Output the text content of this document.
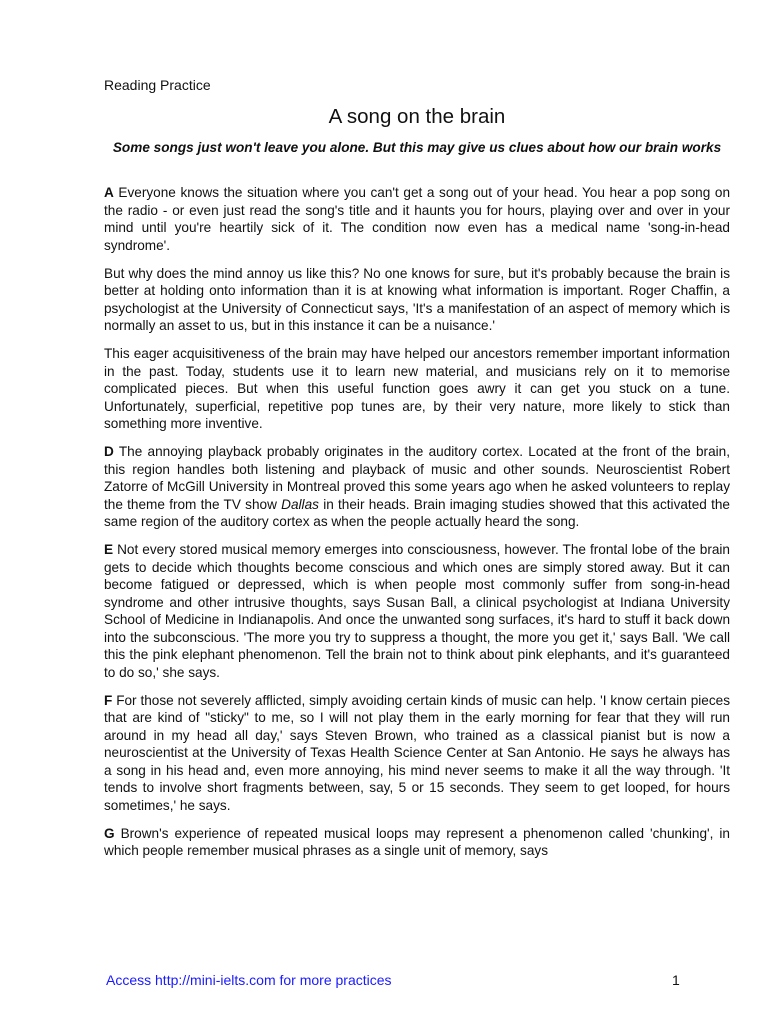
Reading Practice
A song on the brain

Some songs just won't leave you alone. But this may give us clues about how our brain works

A Everyone knows the situation where you can't get a song out of your head. You hear a pop song on the radio - or even just read the song's title and it haunts you for hours, playing over and over in your mind until you're heartily sick of it. The condition now even has a medical name 'song-in-head syndrome'.

But why does the mind annoy us like this? No one knows for sure, but it's probably because the brain is better at holding onto information than it is at knowing what information is important. Roger Chaffin, a psychologist at the University of Connecticut says, 'It's a manifestation of an aspect of memory which is normally an asset to us, but in this instance it can be a nuisance.'

This eager acquisitiveness of the brain may have helped our ancestors remember important information in the past. Today, students use it to learn new material, and musicians rely on it to memorise complicated pieces. But when this useful function goes awry it can get you stuck on a tune. Unfortunately, superficial, repetitive pop tunes are, by their very nature, more likely to stick than something more inventive.

D The annoying playback probably originates in the auditory cortex. Located at the front of the brain, this region handles both listening and playback of music and other sounds. Neuroscientist Robert Zatorre of McGill University in Montreal proved this some years ago when he asked volunteers to replay the theme from the TV show Dallas in their heads. Brain imaging studies showed that this activated the same region of the auditory cortex as when the people actually heard the song.

E Not every stored musical memory emerges into consciousness, however. The frontal lobe of the brain gets to decide which thoughts become conscious and which ones are simply stored away. But it can become fatigued or depressed, which is when people most commonly suffer from song-in-head syndrome and other intrusive thoughts, says Susan Ball, a clinical psychologist at Indiana University School of Medicine in Indianapolis. And once the unwanted song surfaces, it's hard to stuff it back down into the subconscious. 'The more you try to suppress a thought, the more you get it,' says Ball. 'We call this the pink elephant phenomenon. Tell the brain not to think about pink elephants, and it's guaranteed to do so,' she says.

F For those not severely afflicted, simply avoiding certain kinds of music can help. 'I know certain pieces that are kind of "sticky" to me, so I will not play them in the early morning for fear that they will run around in my head all day,' says Steven Brown, who trained as a classical pianist but is now a neuroscientist at the University of Texas Health Science Center at San Antonio. He says he always has a song in his head and, even more annoying, his mind never seems to make it all the way through. 'It tends to involve short fragments between, say, 5 or 15 seconds. They seem to get looped, for hours sometimes,' he says.

G Brown's experience of repeated musical loops may represent a phenomenon called 'chunking', in which people remember musical phrases as a single unit of memory, says

Access http://mini-ielts.com for more practices	1
